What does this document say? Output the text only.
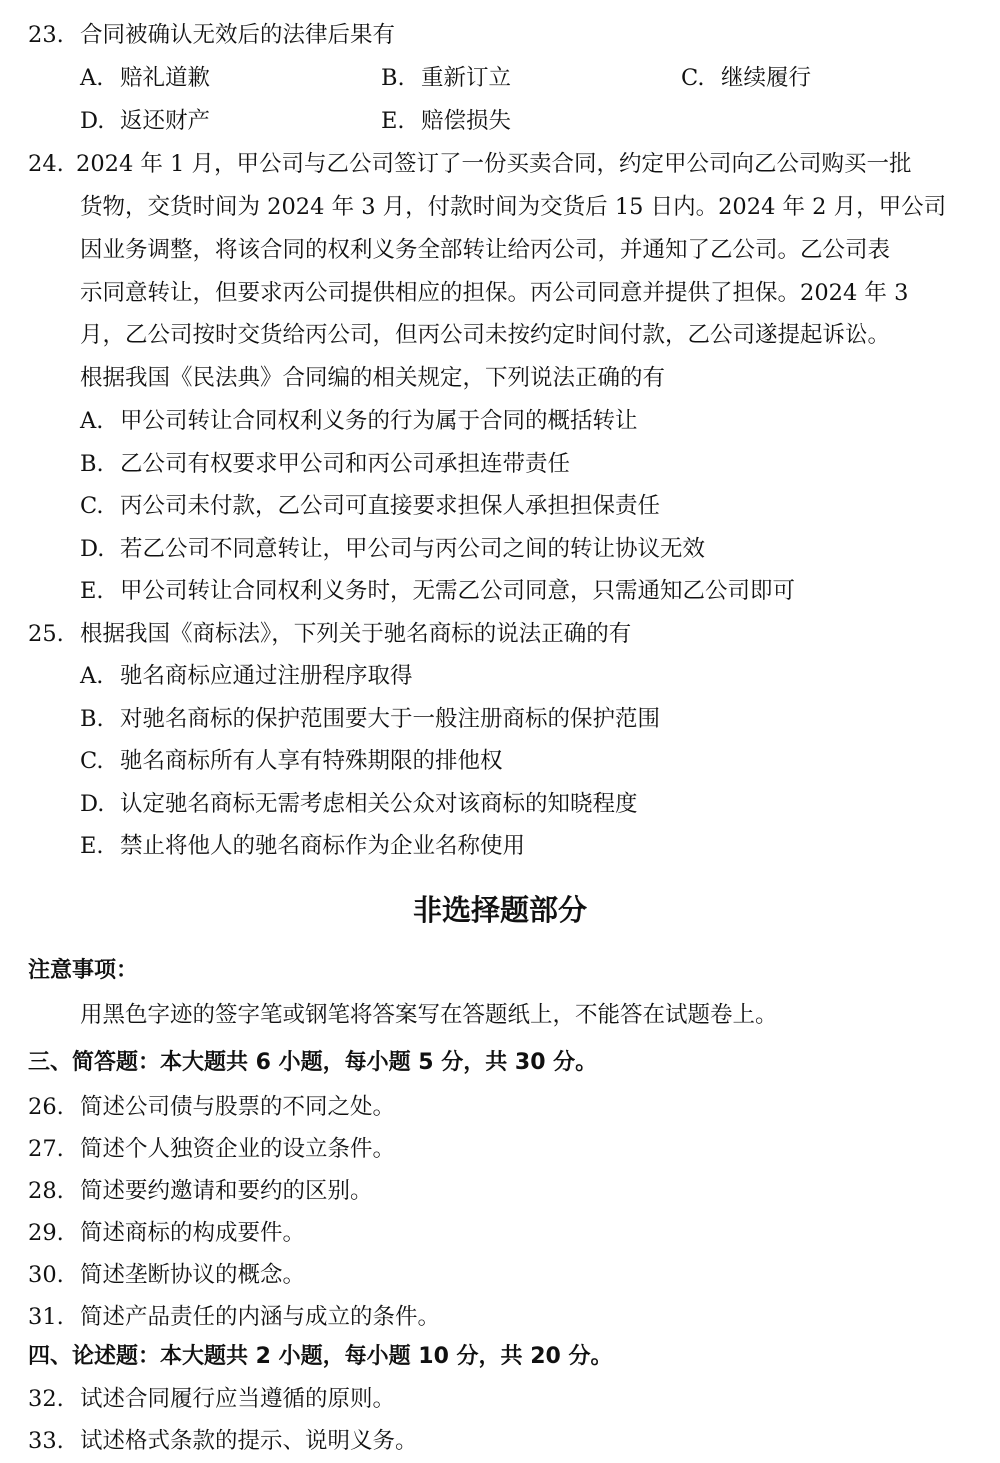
23. 合同被确认无效后的法律后果有
A. 赔礼道歉	B. 重新订立	C. 继续履行
D. 返还财产	E. 赔偿损失
24. 2024 年 1 月，甲公司与乙公司签订了一份买卖合同，约定甲公司向乙公司购买一批
货物，交货时间为 2024 年 3 月，付款时间为交货后 15 日内。2024 年 2 月，甲公司
因业务调整，将该合同的权利义务全部转让给丙公司，并通知了乙公司。乙公司表
示同意转让，但要求丙公司提供相应的担保。丙公司同意并提供了担保。2024 年 3
月，乙公司按时交货给丙公司，但丙公司未按约定时间付款，乙公司遂提起诉讼。
根据我国《民法典》合同编的相关规定，下列说法正确的有
A. 甲公司转让合同权利义务的行为属于合同的概括转让
B. 乙公司有权要求甲公司和丙公司承担连带责任
C. 丙公司未付款，乙公司可直接要求担保人承担担保责任
D. 若乙公司不同意转让，甲公司与丙公司之间的转让协议无效
E. 甲公司转让合同权利义务时，无需乙公司同意，只需通知乙公司即可
25. 根据我国《商标法》，下列关于驰名商标的说法正确的有
A. 驰名商标应通过注册程序取得
B. 对驰名商标的保护范围要大于一般注册商标的保护范围
C. 驰名商标所有人享有特殊期限的排他权
D. 认定驰名商标无需考虑相关公众对该商标的知晓程度
E. 禁止将他人的驰名商标作为企业名称使用
非选择题部分
注意事项：
用黑色字迹的签字笔或钢笔将答案写在答题纸上，不能答在试题卷上。
三、简答题：本大题共 6 小题，每小题 5 分，共 30 分。
26. 简述公司债与股票的不同之处。
27. 简述个人独资企业的设立条件。
28. 简述要约邀请和要约的区别。
29. 简述商标的构成要件。
30. 简述垄断协议的概念。
31. 简述产品责任的内涵与成立的条件。
四、论述题：本大题共 2 小题，每小题 10 分，共 20 分。
32. 试述合同履行应当遵循的原则。
33. 试述格式条款的提示、说明义务。
